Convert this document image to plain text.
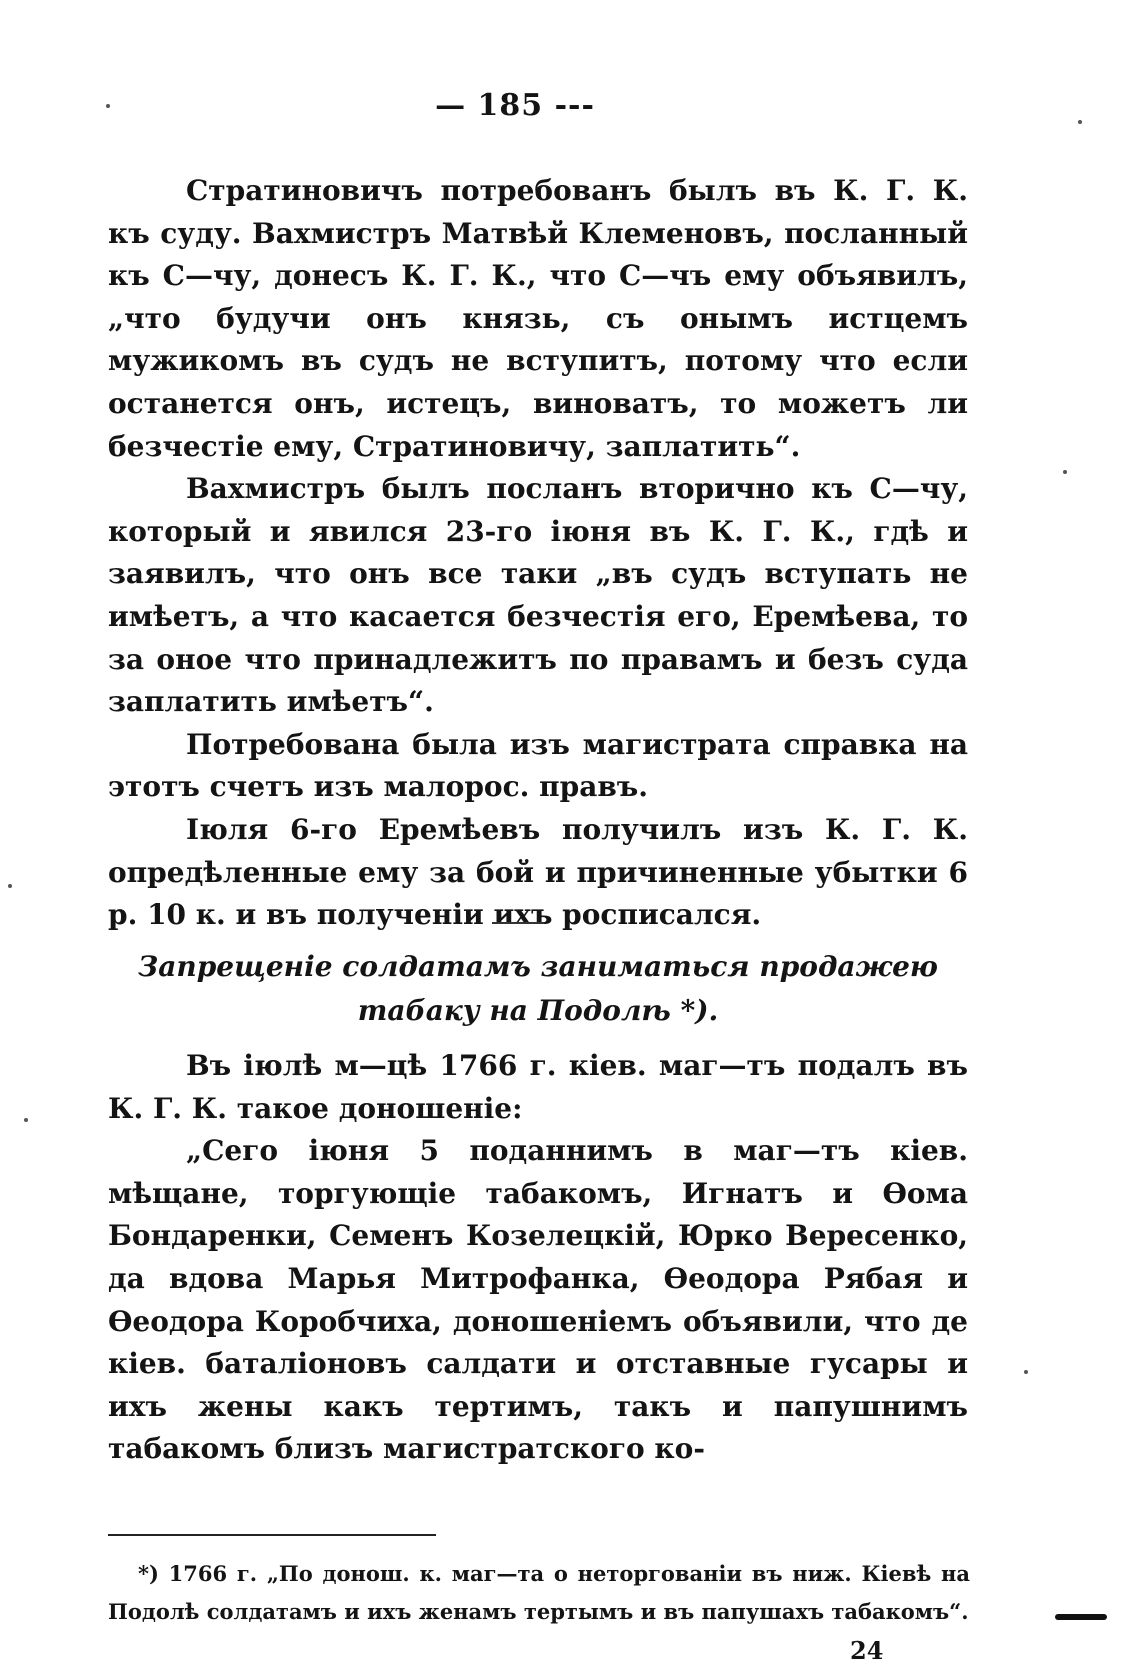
— 185 ---

Стратиновичъ потребованъ былъ въ К. Г. К. къ суду. Вахмистръ Матвѣй Клеменовъ, посланный къ С—чу, донесъ К. Г. К., что С—чъ ему объявилъ, „что будучи онъ князь, съ онымъ истцемъ мужикомъ въ судъ не вступитъ, потому что если останется онъ, истецъ, виноватъ, то можетъ ли безчестіе ему, Стратиновичу, заплатить“.

Вахмистръ былъ посланъ вторично къ С—чу, который и явился 23-го іюня въ К. Г. К., гдѣ и заявилъ, что онъ все таки „въ судъ вступать не имѣетъ, а что касается безчестія его, Еремѣева, то за оное что принадлежитъ по правамъ и безъ суда заплатить имѣетъ“.

Потребована была изъ магистрата справка на этотъ счетъ изъ малорос. правъ.

Іюля 6-го Еремѣевъ получилъ изъ К. Г. К. опредѣленные ему за бой и причиненные убытки 6 р. 10 к. и въ полученіи ихъ росписался.

Запрещеніе солдатамъ заниматься продажею табаку на Подолѣ *).

Въ іюлѣ м—цѣ 1766 г. кіев. маг—тъ подалъ въ К. Г. К. такое доношеніе:

„Сего іюня 5 поданнимъ в маг—тъ кіев. мѣщане, торгующіе табакомъ, Игнатъ и Ѳома Бондаренки, Семенъ Козелецкій, Юрко Вересенко, да вдова Марья Митрофанка, Ѳеодора Рябая и Ѳеодора Коробчиха, доношеніемъ объявили, что де кіев. баталіоновъ салдати и отставные гусары и ихъ жены какъ тертимъ, такъ и папушнимъ табакомъ близъ магистратского ко-

*) 1766 г. „По донош. к. маг—та о неторгованіи въ ниж. Кіевѣ на Подолѣ солдатамъ и ихъ женамъ тертымъ и въ папушахъ табакомъ“.

24
